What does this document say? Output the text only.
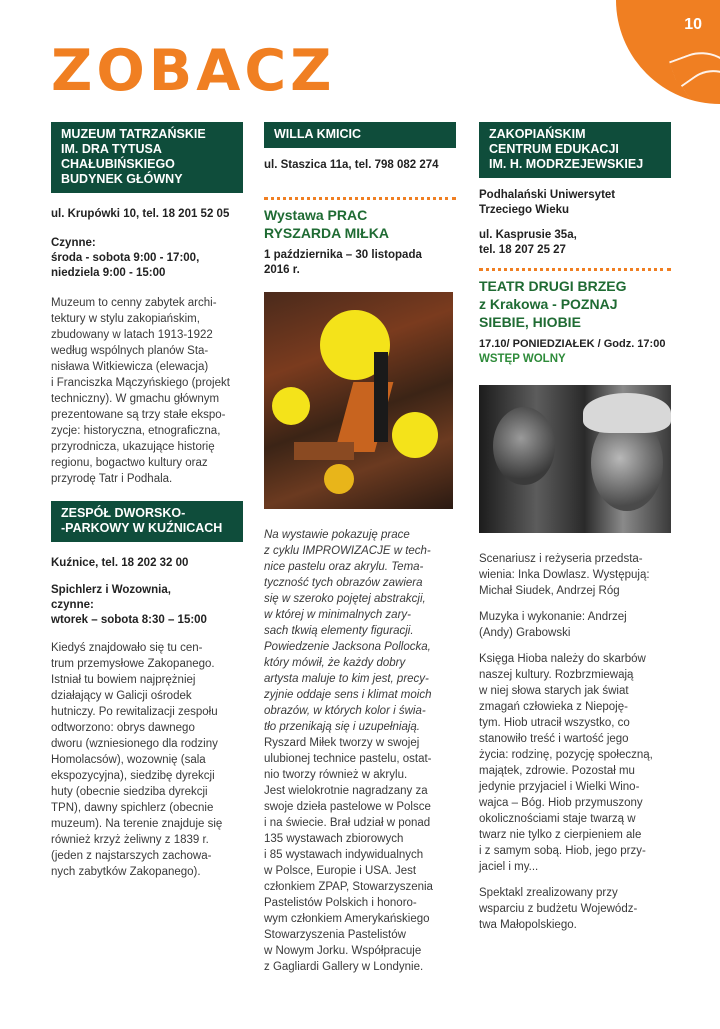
10
ZOBACZ
MUZEUM TATRZAŃSKIE
IM. DRA TYTUSA
CHAŁUBIŃSKIEGO
BUDYNEK GŁÓWNY
ul. Krupówki 10, tel. 18 201 52 05
Czynne:
środa - sobota 9:00 - 17:00,
niedziela 9:00 - 15:00
Muzeum to cenny zabytek archi-
tektury w stylu zakopiańskim,
zbudowany w latach 1913-1922
według wspólnych planów Sta-
nisława Witkiewicza (elewacja)
i Franciszka Mączyńskiego (projekt
techniczny). W gmachu głównym
prezentowane są trzy stałe ekspo-
zycje: historyczna, etnograficzna,
przyrodnicza, ukazujące historię
regionu, bogactwo kultury oraz
przyrodę Tatr i Podhala.
ZESPÓŁ DWORSKO-
-PARKOWY W KUŹNICACH
Kuźnice, tel. 18 202 32 00
Spichlerz i Wozownia,
czynne:
wtorek – sobota 8:30 – 15:00
Kiedyś znajdowało się tu cen-
trum przemysłowe Zakopanego.
Istniał tu bowiem najprężniej
działający w Galicji ośrodek
hutniczy. Po rewitalizacji zespołu
odtworzono: obrys dawnego
dworu (wzniesionego dla rodziny
Homolacsów), wozownię (sala
ekspozycyjna), siedzibę dyrekcji
huty (obecnie siedziba dyrekcji
TPN), dawny spichlerz (obecnie
muzeum). Na terenie znajduje się
również krzyż żeliwny z 1839 r.
(jeden z najstarszych zachowa-
nych zabytków Zakopanego).
WILLA KMICIC
ul. Staszica 11a, tel. 798 082 274
Wystawa PRAC
RYSZARDA MIŁKA
1 października – 30 listopada
2016 r.
Na wystawie pokazuję prace
z cyklu IMPROWIZACJE w tech-
nice pastelu oraz akrylu. Tema-
tyczność tych obrazów zawiera
się w szeroko pojętej abstrakcji,
w której w minimalnych zary-
sach tkwią elementy figuracji.
Powiedzenie Jacksona Pollocka,
który mówił, że każdy dobry
artysta maluje to kim jest, precy-
zyjnie oddaje sens i klimat moich
obrazów, w których kolor i świa-
tło przenikają się i uzupełniają.
Ryszard Miłek tworzy w swojej
ulubionej technice pastelu, ostat-
nio tworzy również w akrylu.
Jest wielokrotnie nagradzany za
swoje dzieła pastelowe w Polsce
i na świecie. Brał udział w ponad
135 wystawach zbiorowych
i 85 wystawach indywidualnych
w Polsce, Europie i USA. Jest
członkiem ZPAP, Stowarzyszenia
Pastelistów Polskich i honoro-
wym członkiem Amerykańskiego
Stowarzyszenia Pastelistów
w Nowym Jorku. Współpracuje
z Gagliardi Gallery w Londynie.
ZAKOPIAŃSKIM
CENTRUM EDUKACJI
IM. H. MODRZEJEWSKIEJ
Podhalański Uniwersytet
Trzeciego Wieku
ul. Kasprusie 35a,
tel. 18 207 25 27
TEATR DRUGI BRZEG
z Krakowa - POZNAJ
SIEBIE, HIOBIE
17.10/ PONIEDZIAŁEK / Godz. 17:00
WSTĘP WOLNY
Scenariusz i reżyseria przedsta-
wienia: Inka Dowlasz. Występują:
Michał Siudek, Andrzej Róg
Muzyka i wykonanie: Andrzej
(Andy) Grabowski
Księga Hioba należy do skarbów
naszej kultury. Rozbrzmiewają
w niej słowa starych jak świat
zmagań człowieka z Niepoję-
tym. Hiob utracił wszystko, co
stanowiło treść i wartość jego
życia: rodzinę, pozycję społeczną,
majątek, zdrowie. Pozostał mu
jedynie przyjaciel i Wielki Wino-
wajca – Bóg. Hiob przymuszony
okolicznościami staje twarzą w
twarz nie tylko z cierpieniem ale
i z samym sobą. Hiob, jego przy-
jaciel i my...
Spektakl zrealizowany przy
wsparciu z budżetu Wojewódz-
twa Małopolskiego.
